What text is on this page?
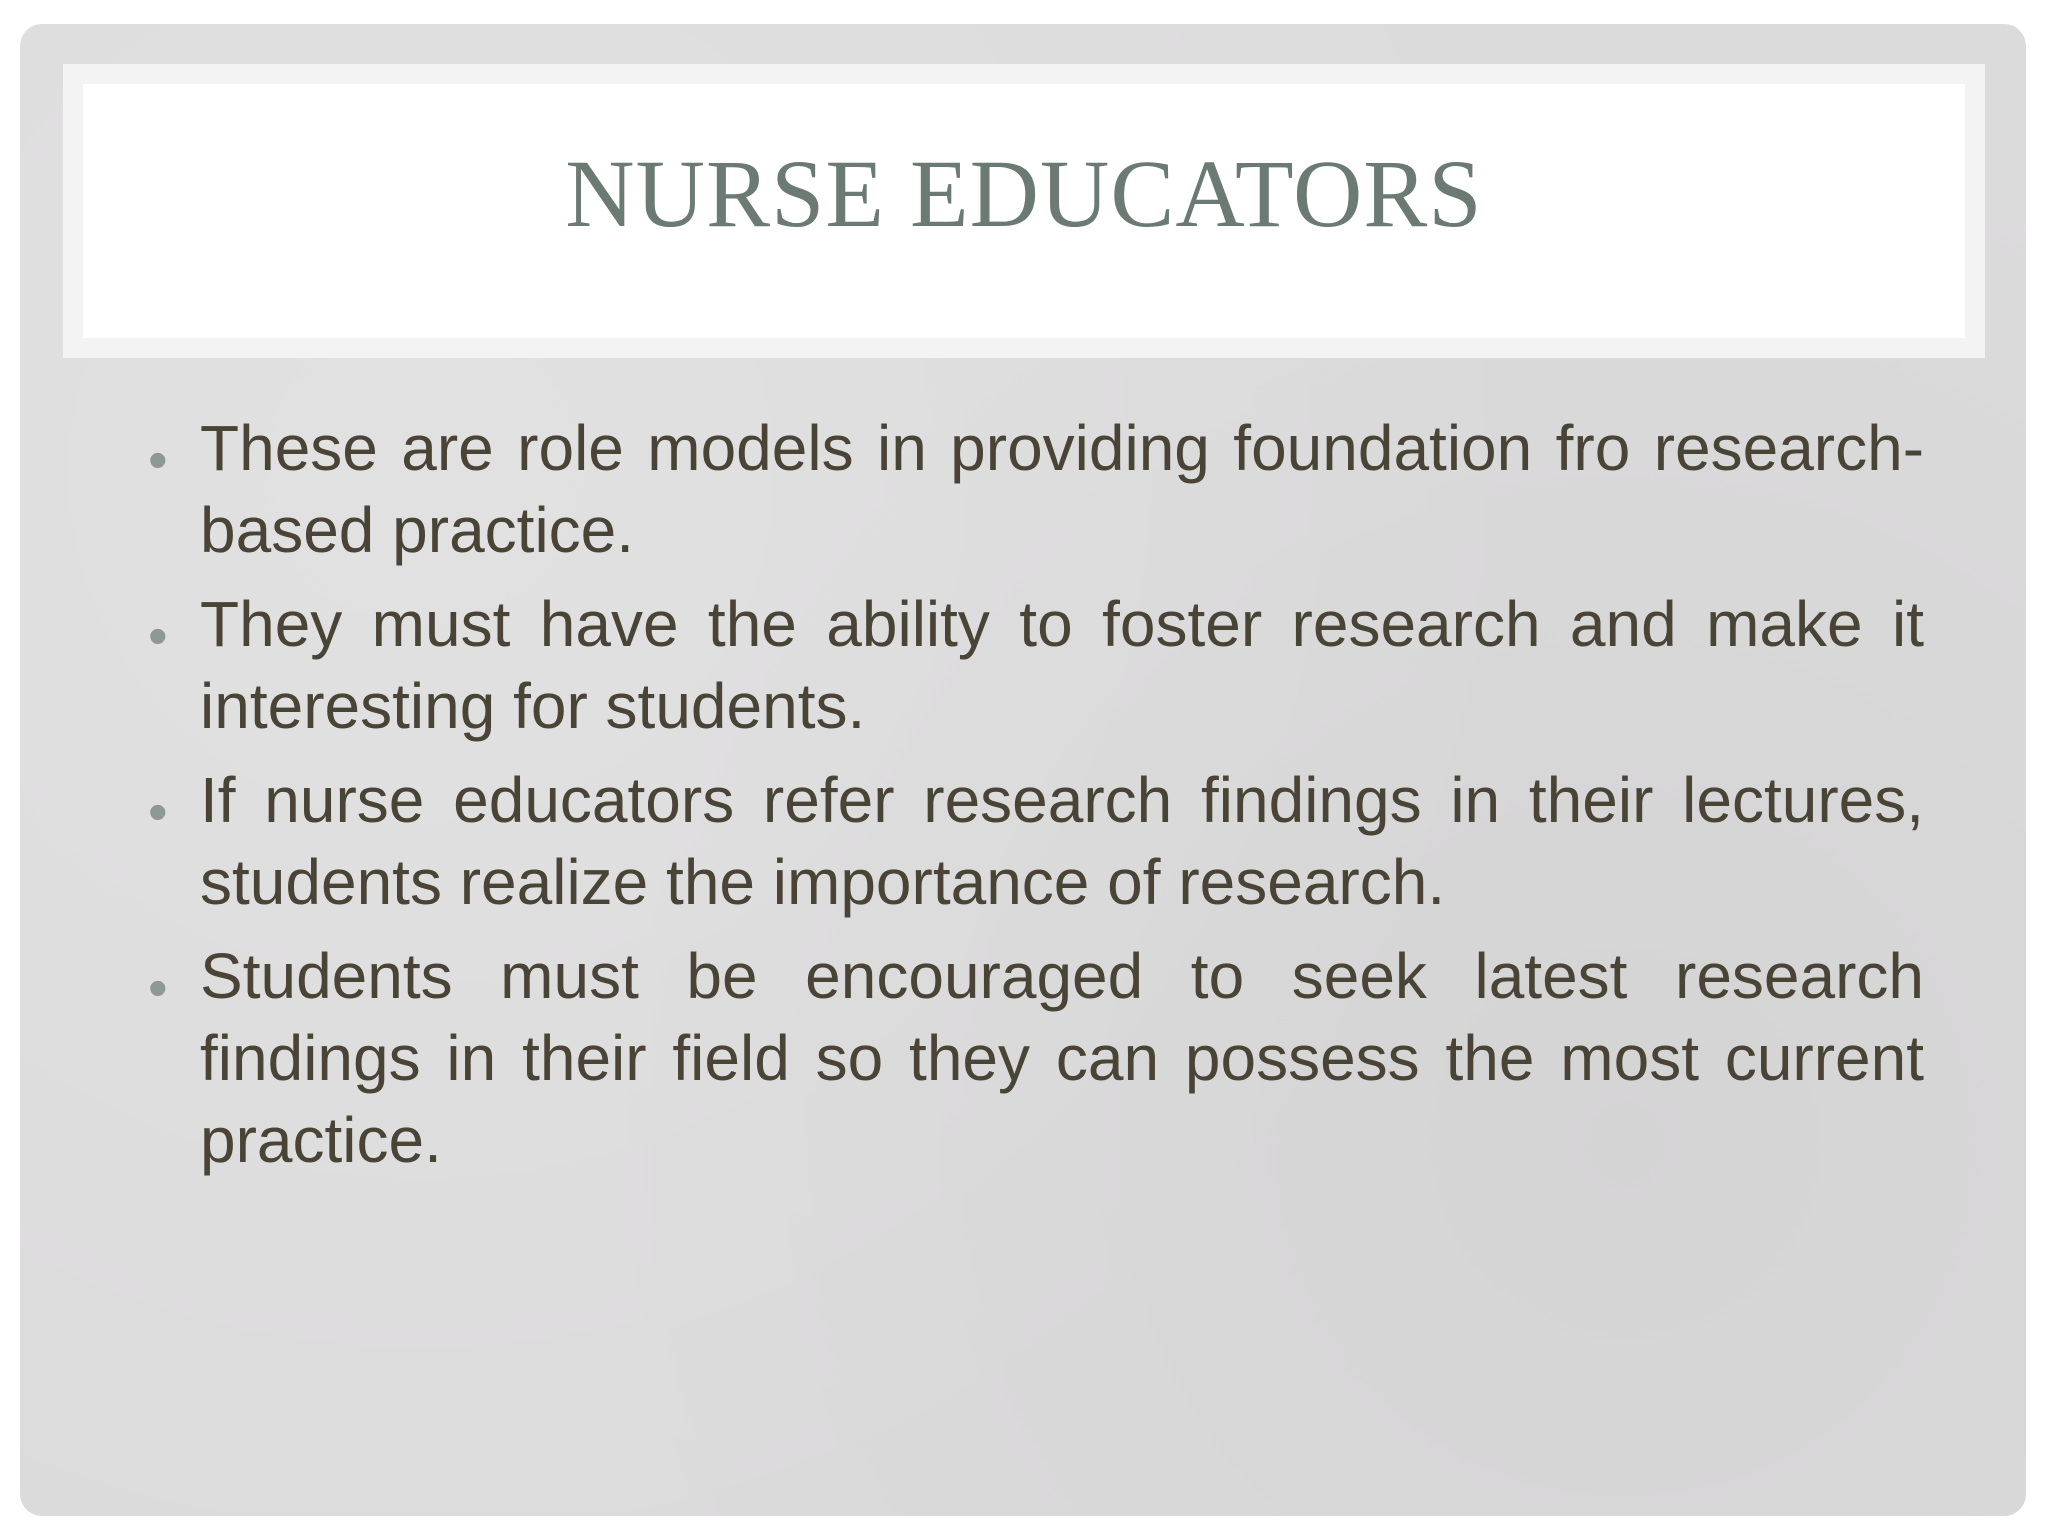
NURSE EDUCATORS
• These are role models in providing foundation fro research-based practice.
• They must have the ability to foster research and make it interesting for students.
• If nurse educators refer research findings in their lectures, students realize the importance of research.
• Students must be encouraged to seek latest research findings in their field so they can possess the most current practice.
